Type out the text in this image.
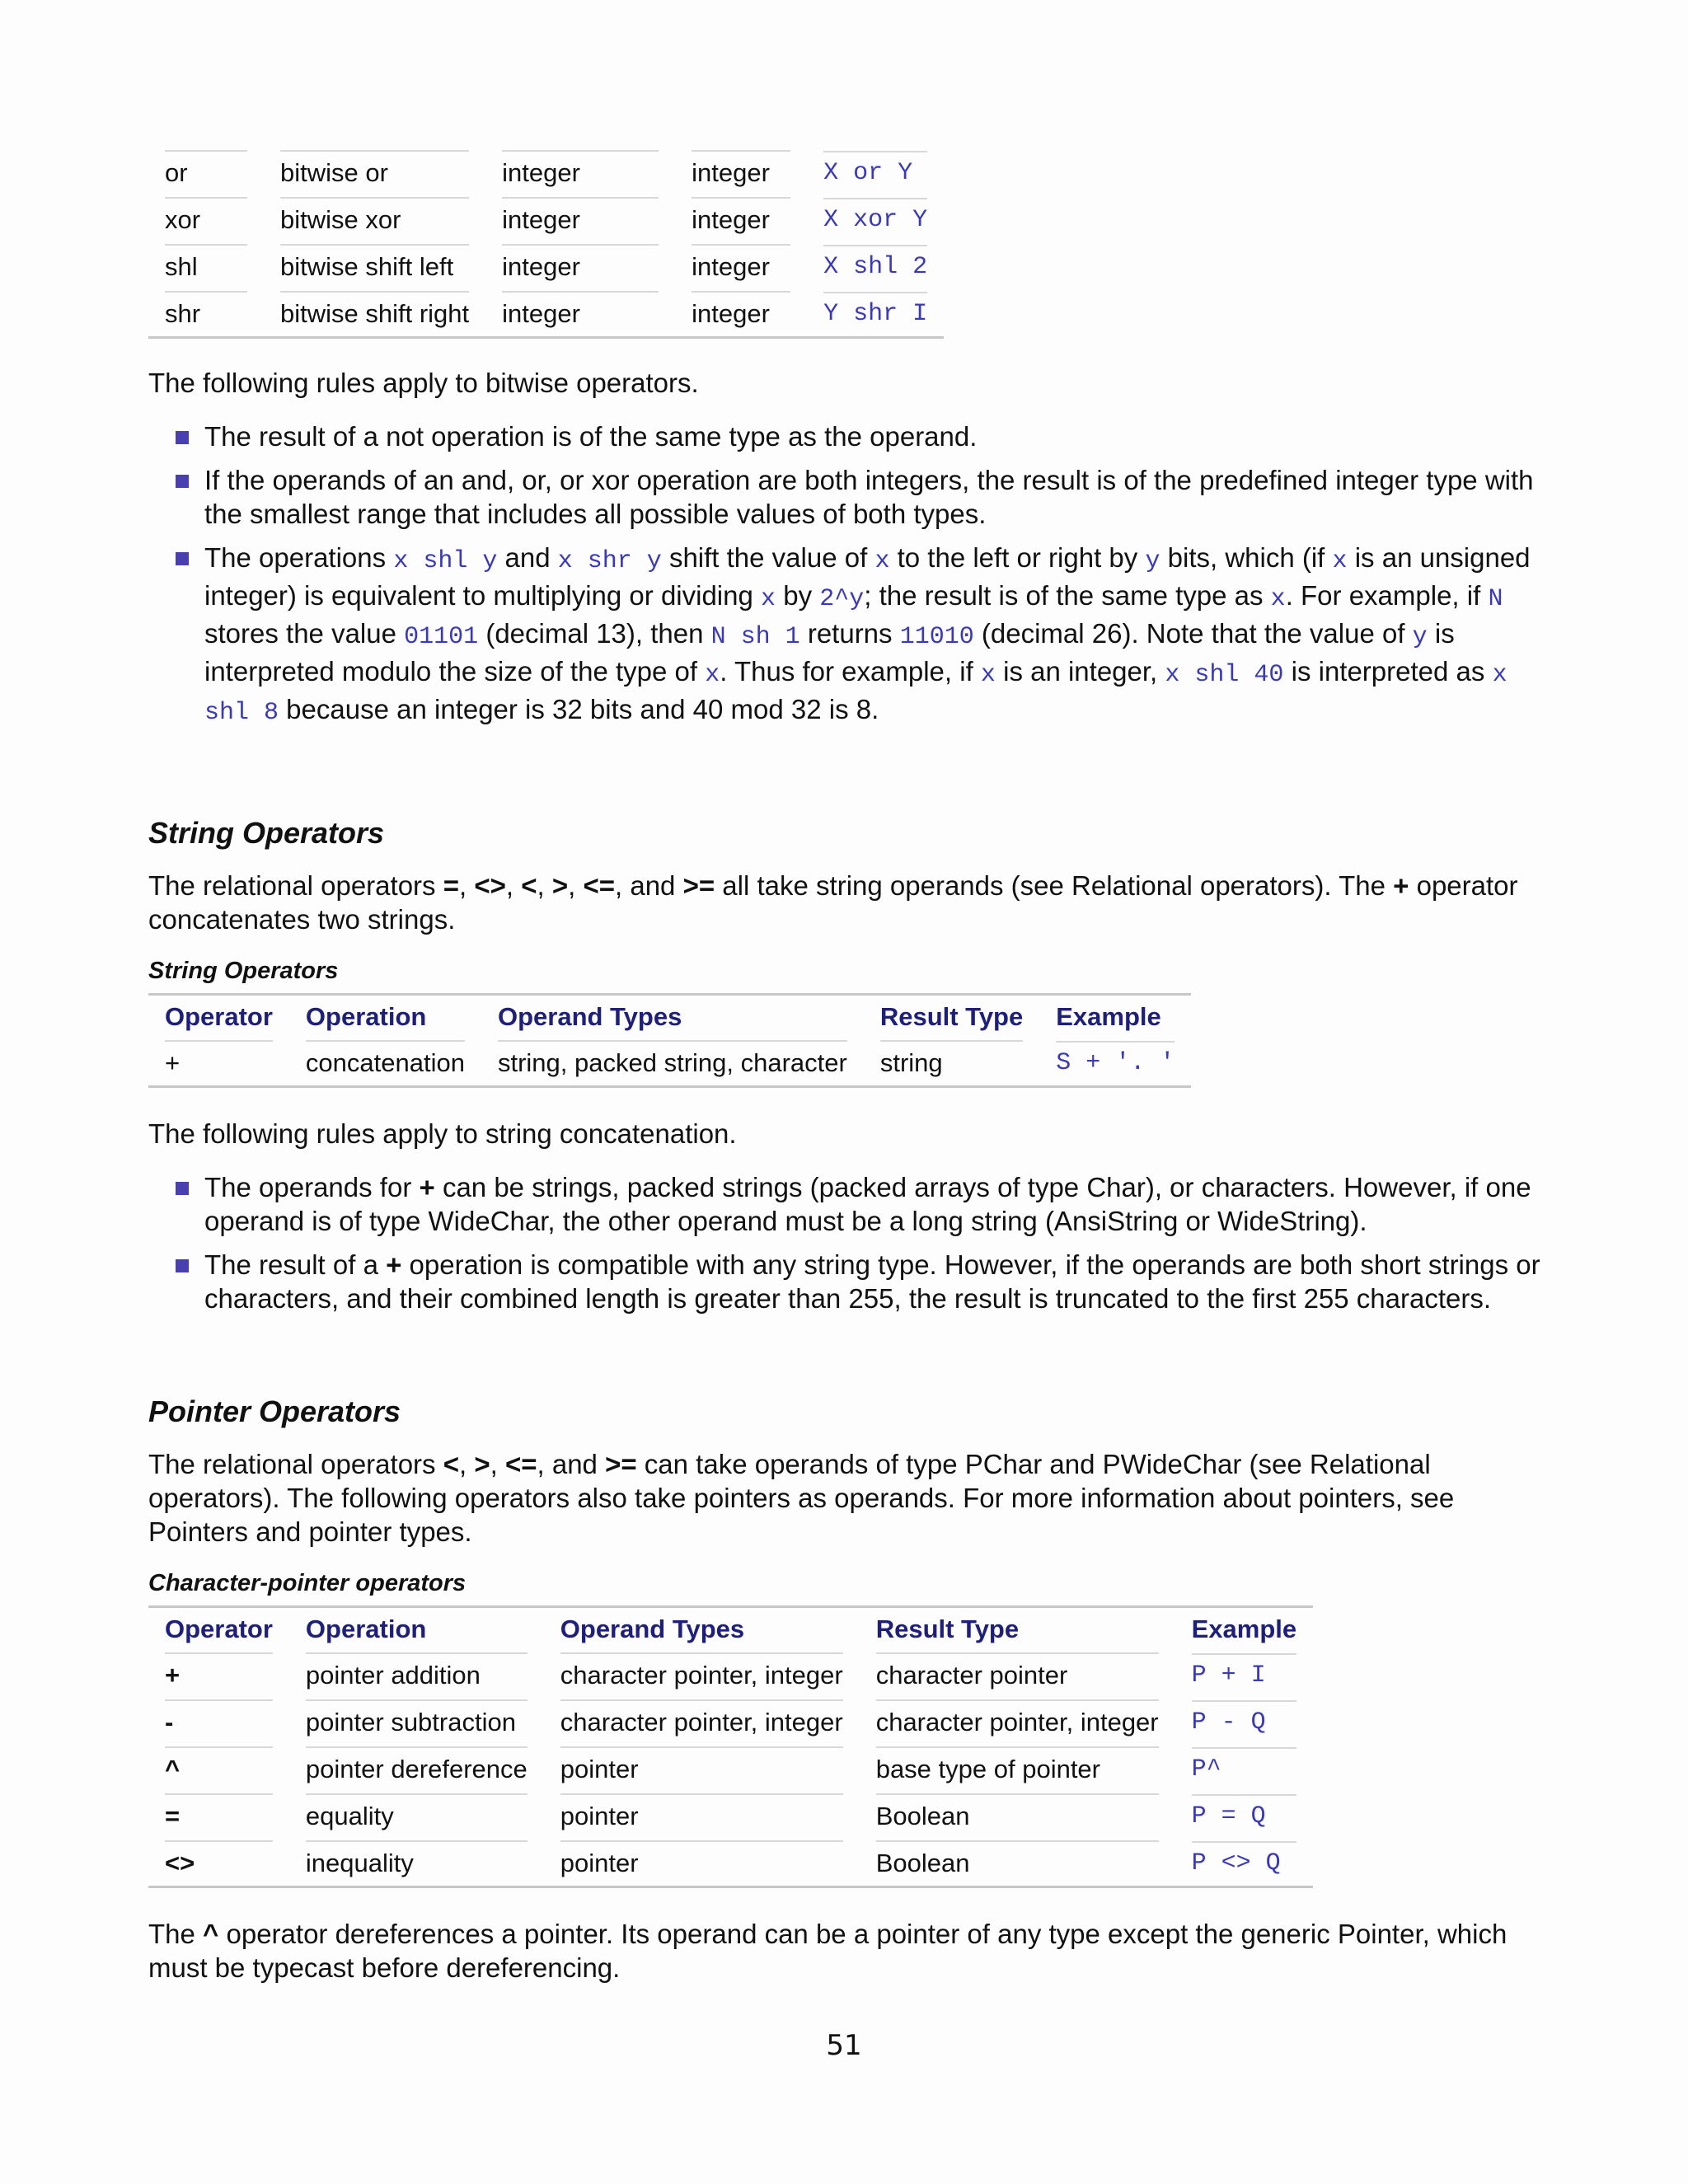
or	bitwise or	integer	integer	X or Y

xor	bitwise xor	integer	integer	X xor Y

shl	bitwise shift left	integer	integer	X shl 2

shr	bitwise shift right	integer	integer	Y shr I
The following rules apply to bitwise operators.
The result of a not operation is of the same type as the operand.
If the operands of an and, or, or xor operation are both integers, the result is of the predefined integer type with the smallest range that includes all possible values of both types.
The operations x shl y and x shr y shift the value of x to the left or right by y bits, which (if x is an unsigned integer) is equivalent to multiplying or dividing x by 2^y; the result is of the same type as x. For example, if N stores the value 01101 (decimal 13), then N sh 1 returns 11010 (decimal 26). Note that the value of y is interpreted modulo the size of the type of x. Thus for example, if x is an integer, x shl 40 is interpreted as x shl 8 because an integer is 32 bits and 40 mod 32 is 8.
String Operators
The relational operators =, <>, <, >, <=, and >= all take string operands (see Relational operators). The + operator concatenates two strings.
String Operators
Operator	Operation	Operand Types	Result Type	Example

+	concatenation	string, packed string, character	string	S + '. '
The following rules apply to string concatenation.
The operands for + can be strings, packed strings (packed arrays of type Char), or characters. However, if one operand is of type WideChar, the other operand must be a long string (AnsiString or WideString).
The result of a + operation is compatible with any string type. However, if the operands are both short strings or characters, and their combined length is greater than 255, the result is truncated to the first 255 characters.
Pointer Operators
The relational operators <, >, <=, and >= can take operands of type PChar and PWideChar (see Relational operators). The following operators also take pointers as operands. For more information about pointers, see Pointers and pointer types.
Character-pointer operators
Operator	Operation	Operand Types	Result Type	Example

+	pointer addition	character pointer, integer	character pointer	P + I

-	pointer subtraction	character pointer, integer	character pointer, integer	P - Q

^	pointer dereference	pointer	base type of pointer	P^

=	equality	pointer	Boolean	P = Q

<>	inequality	pointer	Boolean	P <> Q
The ^ operator dereferences a pointer. Its operand can be a pointer of any type except the generic Pointer, which must be typecast before dereferencing.
51
